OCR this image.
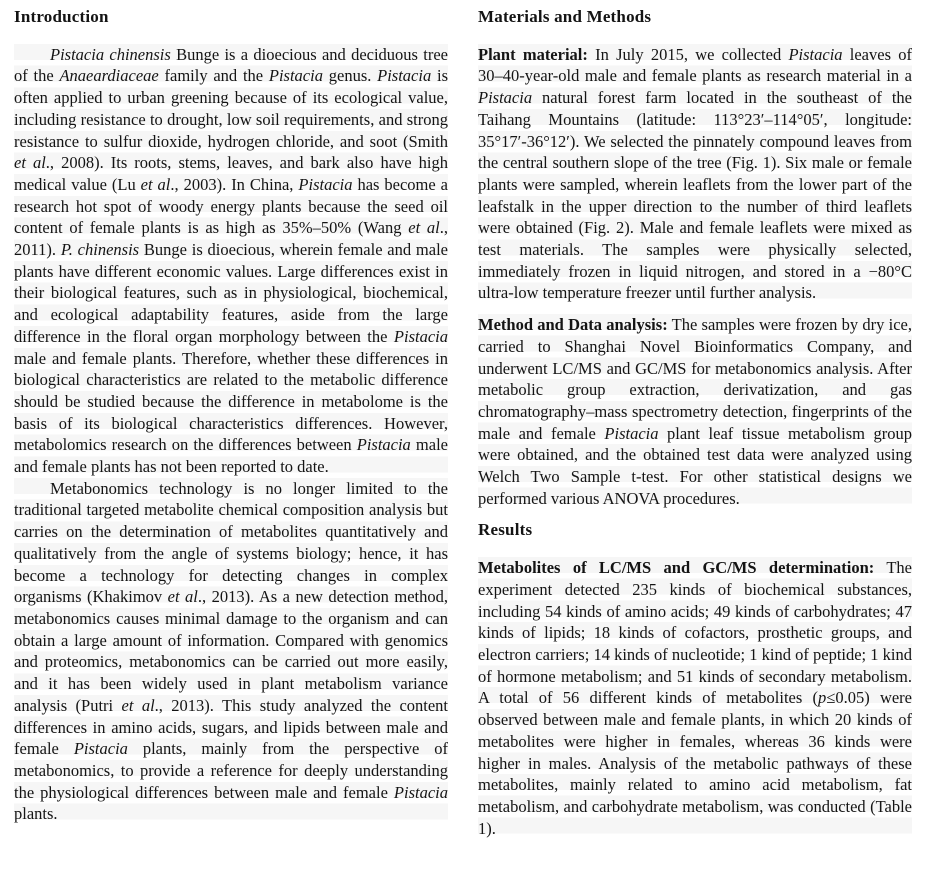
Introduction

Pistacia chinensis Bunge is a dioecious and deciduous tree of the Anaeardiaceae family and the Pistacia genus. Pistacia is often applied to urban greening because of its ecological value, including resistance to drought, low soil requirements, and strong resistance to sulfur dioxide, hydrogen chloride, and soot (Smith et al., 2008). Its roots, stems, leaves, and bark also have high medical value (Lu et al., 2003). In China, Pistacia has become a research hot spot of woody energy plants because the seed oil content of female plants is as high as 35%–50% (Wang et al., 2011). P. chinensis Bunge is dioecious, wherein female and male plants have different economic values. Large differences exist in their biological features, such as in physiological, biochemical, and ecological adaptability features, aside from the large difference in the floral organ morphology between the Pistacia male and female plants. Therefore, whether these differences in biological characteristics are related to the metabolic difference should be studied because the difference in metabolome is the basis of its biological characteristics differences. However, metabolomics research on the differences between Pistacia male and female plants has not been reported to date.

Metabonomics technology is no longer limited to the traditional targeted metabolite chemical composition analysis but carries on the determination of metabolites quantitatively and qualitatively from the angle of systems biology; hence, it has become a technology for detecting changes in complex organisms (Khakimov et al., 2013). As a new detection method, metabonomics causes minimal damage to the organism and can obtain a large amount of information. Compared with genomics and proteomics, metabonomics can be carried out more easily, and it has been widely used in plant metabolism variance analysis (Putri et al., 2013). This study analyzed the content differences in amino acids, sugars, and lipids between male and female Pistacia plants, mainly from the perspective of metabonomics, to provide a reference for deeply understanding the physiological differences between male and female Pistacia plants.

Materials and Methods

Plant material: In July 2015, we collected Pistacia leaves of 30–40-year-old male and female plants as research material in a Pistacia natural forest farm located in the southeast of the Taihang Mountains (latitude: 113°23′–114°05′, longitude: 35°17′-36°12′). We selected the pinnately compound leaves from the central southern slope of the tree (Fig. 1). Six male or female plants were sampled, wherein leaflets from the lower part of the leafstalk in the upper direction to the number of third leaflets were obtained (Fig. 2). Male and female leaflets were mixed as test materials. The samples were physically selected, immediately frozen in liquid nitrogen, and stored in a −80°C ultra-low temperature freezer until further analysis.

Method and Data analysis: The samples were frozen by dry ice, carried to Shanghai Novel Bioinformatics Company, and underwent LC/MS and GC/MS for metabonomics analysis. After metabolic group extraction, derivatization, and gas chromatography–mass spectrometry detection, fingerprints of the male and female Pistacia plant leaf tissue metabolism group were obtained, and the obtained test data were analyzed using Welch Two Sample t-test. For other statistical designs we performed various ANOVA procedures.

Results

Metabolites of LC/MS and GC/MS determination: The experiment detected 235 kinds of biochemical substances, including 54 kinds of amino acids; 49 kinds of carbohydrates; 47 kinds of lipids; 18 kinds of cofactors, prosthetic groups, and electron carriers; 14 kinds of nucleotide; 1 kind of peptide; 1 kind of hormone metabolism; and 51 kinds of secondary metabolism. A total of 56 different kinds of metabolites (p≤0.05) were observed between male and female plants, in which 20 kinds of metabolites were higher in females, whereas 36 kinds were higher in males. Analysis of the metabolic pathways of these metabolites, mainly related to amino acid metabolism, fat metabolism, and carbohydrate metabolism, was conducted (Table 1).
